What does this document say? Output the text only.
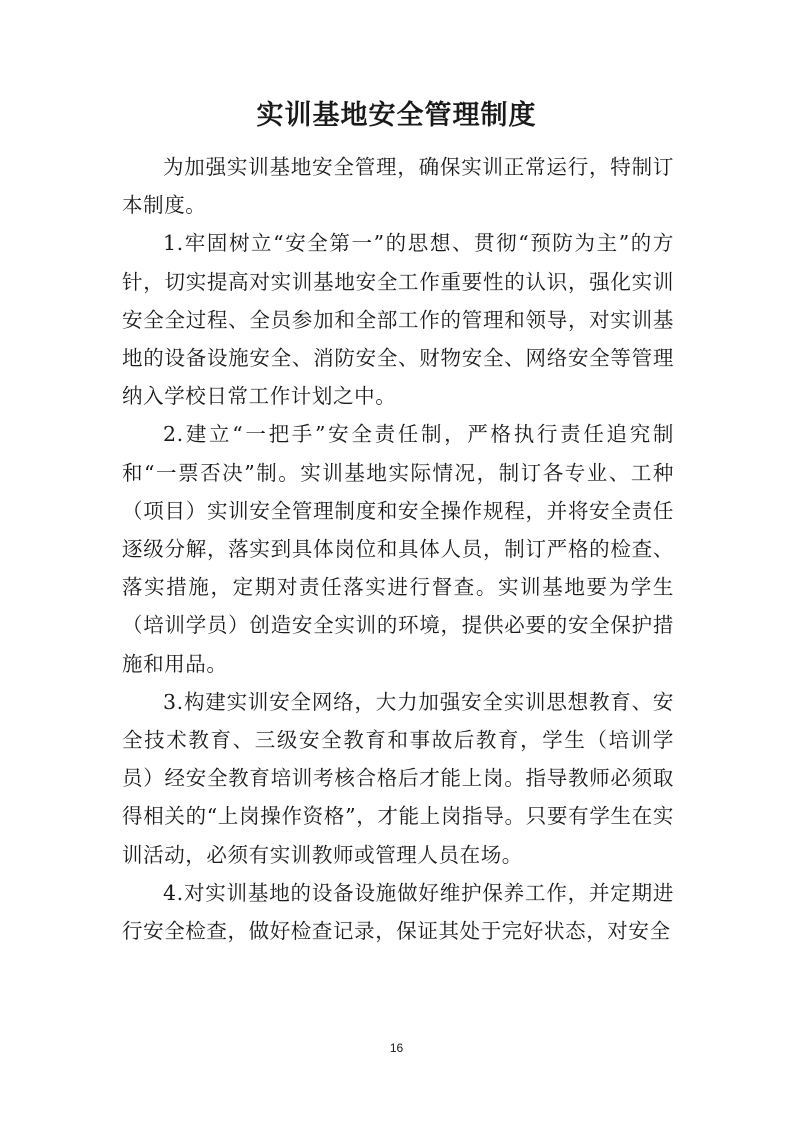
实训基地安全管理制度

为加强实训基地安全管理，确保实训正常运行，特制订本制度。

1.牢固树立“安全第一”的思想、贯彻“预防为主”的方针，切实提高对实训基地安全工作重要性的认识，强化实训安全全过程、全员参加和全部工作的管理和领导，对实训基地的设备设施安全、消防安全、财物安全、网络安全等管理纳入学校日常工作计划之中。

2.建立“一把手”安全责任制，严格执行责任追究制和“一票否决”制。实训基地实际情况，制订各专业、工种（项目）实训安全管理制度和安全操作规程，并将安全责任逐级分解，落实到具体岗位和具体人员，制订严格的检查、落实措施，定期对责任落实进行督查。实训基地要为学生（培训学员）创造安全实训的环境，提供必要的安全保护措施和用品。

3.构建实训安全网络，大力加强安全实训思想教育、安全技术教育、三级安全教育和事故后教育，学生（培训学员）经安全教育培训考核合格后才能上岗。指导教师必须取得相关的“上岗操作资格”，才能上岗指导。只要有学生在实训活动，必须有实训教师或管理人员在场。

4.对实训基地的设备设施做好维护保养工作，并定期进行安全检查，做好检查记录，保证其处于完好状态，对安全

16
